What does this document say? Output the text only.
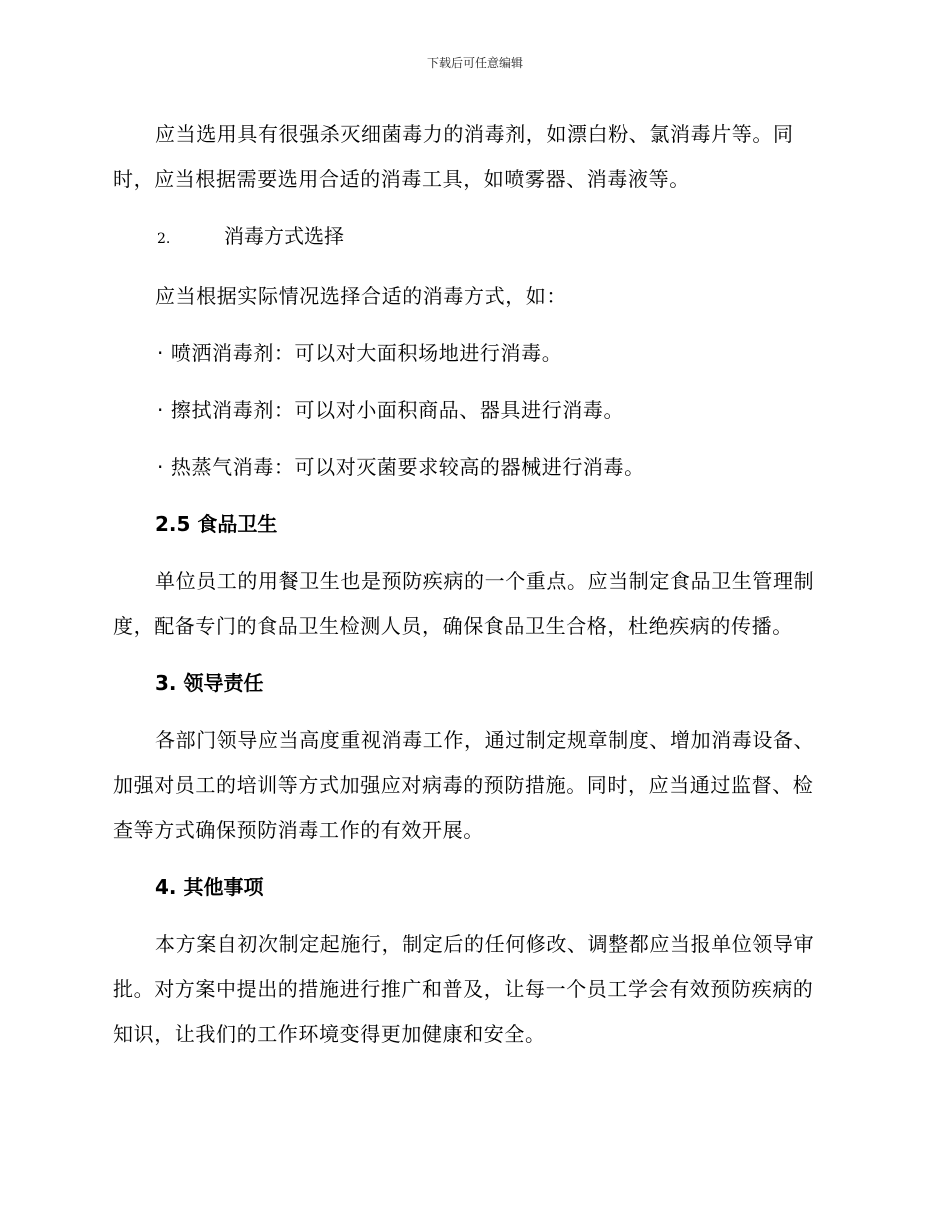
下载后可任意编辑

应当选用具有很强杀灭细菌毒力的消毒剂，如漂白粉、氯消毒片等。同时，应当根据需要选用合适的消毒工具，如喷雾器、消毒液等。

2.	消毒方式选择

应当根据实际情况选择合适的消毒方式，如：

· 喷洒消毒剂：可以对大面积场地进行消毒。

· 擦拭消毒剂：可以对小面积商品、器具进行消毒。

· 热蒸气消毒：可以对灭菌要求较高的器械进行消毒。

2.5 食品卫生

单位员工的用餐卫生也是预防疾病的一个重点。应当制定食品卫生管理制度，配备专门的食品卫生检测人员，确保食品卫生合格，杜绝疾病的传播。

3. 领导责任

各部门领导应当高度重视消毒工作，通过制定规章制度、增加消毒设备、加强对员工的培训等方式加强应对病毒的预防措施。同时，应当通过监督、检查等方式确保预防消毒工作的有效开展。

4. 其他事项

本方案自初次制定起施行，制定后的任何修改、调整都应当报单位领导审批。对方案中提出的措施进行推广和普及，让每一个员工学会有效预防疾病的知识，让我们的工作环境变得更加健康和安全。
